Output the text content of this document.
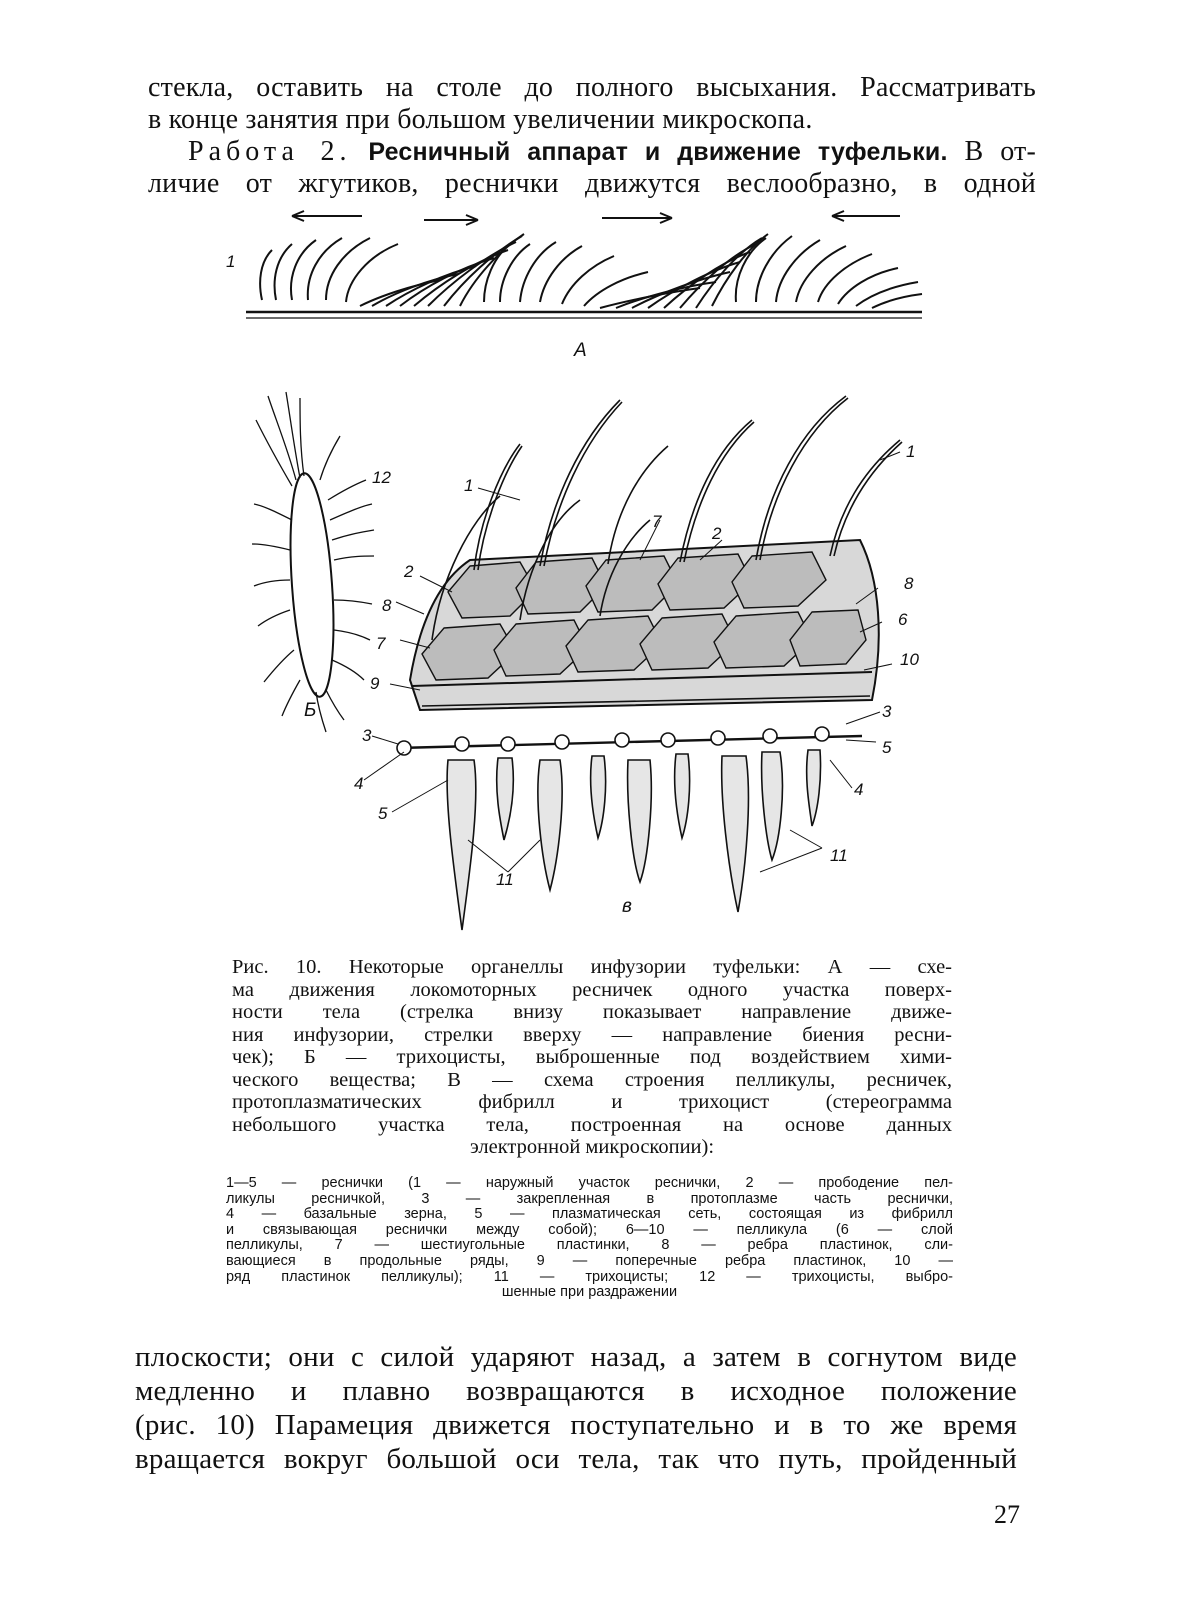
стекла, оставить на столе до полного высыхания. Рассматривать
в конце занятия при большом увеличении микроскопа.
Работа 2. Ресничный аппарат и движение туфельки. В от-
личие от жгутиков, реснички движутся веслообразно, в одной
1
А
12
Б
1
1
2
2
7
7
8
8
6
10
9
3
3
4	4
5
5
11
11
в
Рис. 10. Некоторые органеллы инфузории туфельки: А — схе-
ма движения локомоторных ресничек одного участка поверх-
ности тела (стрелка внизу показывает направление движе-
ния инфузории, стрелки вверху — направление биения ресни-
чек); Б — трихоцисты, выброшенные под воздействием хими-
ческого вещества; В — схема строения пелликулы, ресничек,
протоплазматических фибрилл и трихоцист (стереограмма
небольшого участка тела, построенная на основе данных
электронной микроскопии):
1—5 — реснички (1 — наружный участок реснички, 2 — прободение пел-
ликулы ресничкой, 3 — закрепленная в протоплазме часть реснички,
4 — базальные зерна, 5 — плазматическая сеть, состоящая из фибрилл
и связывающая реснички между собой); 6—10 — пелликула (6 — слой
пелликулы, 7 — шестиугольные пластинки, 8 — ребра пластинок, сли-
вающиеся в продольные ряды, 9 — поперечные ребра пластинок, 10 —
ряд пластинок пелликулы); 11 — трихоцисты; 12 — трихоцисты, выбро-
шенные при раздражении
плоскости; они с силой ударяют назад, а затем в согнутом виде
медленно и плавно возвращаются в исходное положение
(рис. 10) Парамеция движется поступательно и в то же время
вращается вокруг большой оси тела, так что путь, пройденный
27
